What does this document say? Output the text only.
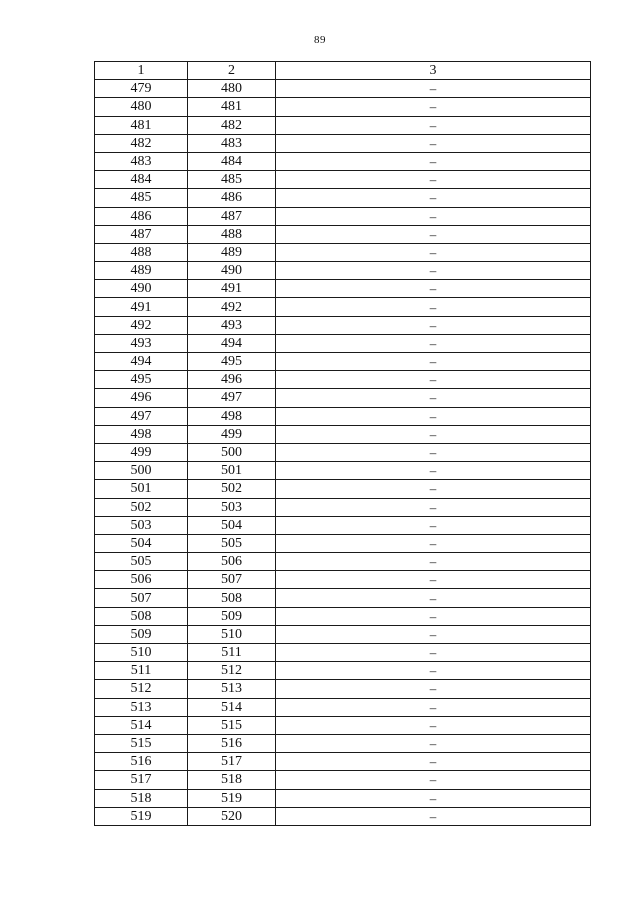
89
1	2	3
479	480	–
480	481	–
481	482	–
482	483	–
483	484	–
484	485	–
485	486	–
486	487	–
487	488	–
488	489	–
489	490	–
490	491	–
491	492	–
492	493	–
493	494	–
494	495	–
495	496	–
496	497	–
497	498	–
498	499	–
499	500	–
500	501	–
501	502	–
502	503	–
503	504	–
504	505	–
505	506	–
506	507	–
507	508	–
508	509	–
509	510	–
510	511	–
511	512	–
512	513	–
513	514	–
514	515	–
515	516	–
516	517	–
517	518	–
518	519	–
519	520	–
